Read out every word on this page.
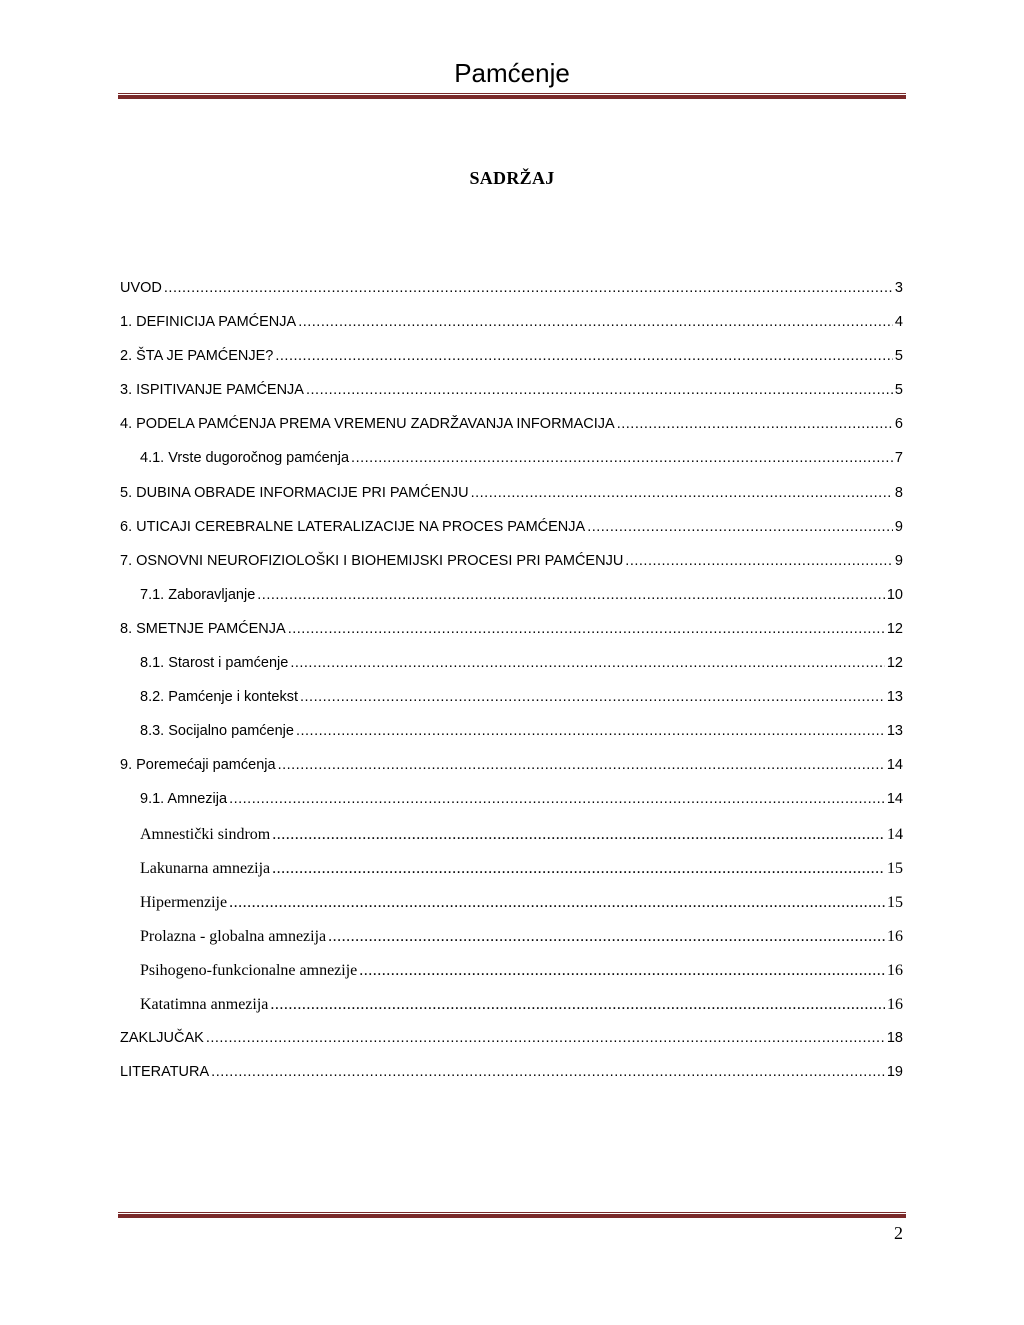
Pamćenje
SADRŽAJ
UVOD .....	3
1. DEFINICIJA PAMĆENJA .....	4
2. ŠTA JE PAMĆENJE? .....	5
3. ISPITIVANJE PAMĆENJA .....	5
4. PODELA PAMĆENJA PREMA VREMENU ZADRŽAVANJA INFORMACIJA .....	6
4.1. Vrste dugoročnog pamćenja .....	7
5. DUBINA OBRADE INFORMACIJE PRI PAMĆENJU .....	8
6. UTICAJI CEREBRALNE LATERALIZACIJE NA PROCES PAMĆENJA .....	9
7. OSNOVNI NEUROFIZIOLOŠKI I BIOHEMIJSKI PROCESI PRI PAMĆENJU .....	9
7.1. Zaboravljanje .....	10
8. SMETNJE PAMĆENJA .....	12
8.1. Starost i pamćenje .....	12
8.2. Pamćenje i kontekst .....	13
8.3. Socijalno pamćenje .....	13
9. Poremećaji pamćenja .....	14
9.1. Amnezija .....	14
Amnestički sindrom .....	14
Lakunarna amnezija .....	15
Hipermenzije .....	15
Prolazna - globalna amnezija .....	16
Psihogeno-funkcionalne amnezije .....	16
Katatimna anmezija .....	16
ZAKLJUČAK .....	18
LITERATURA .....	19
2
